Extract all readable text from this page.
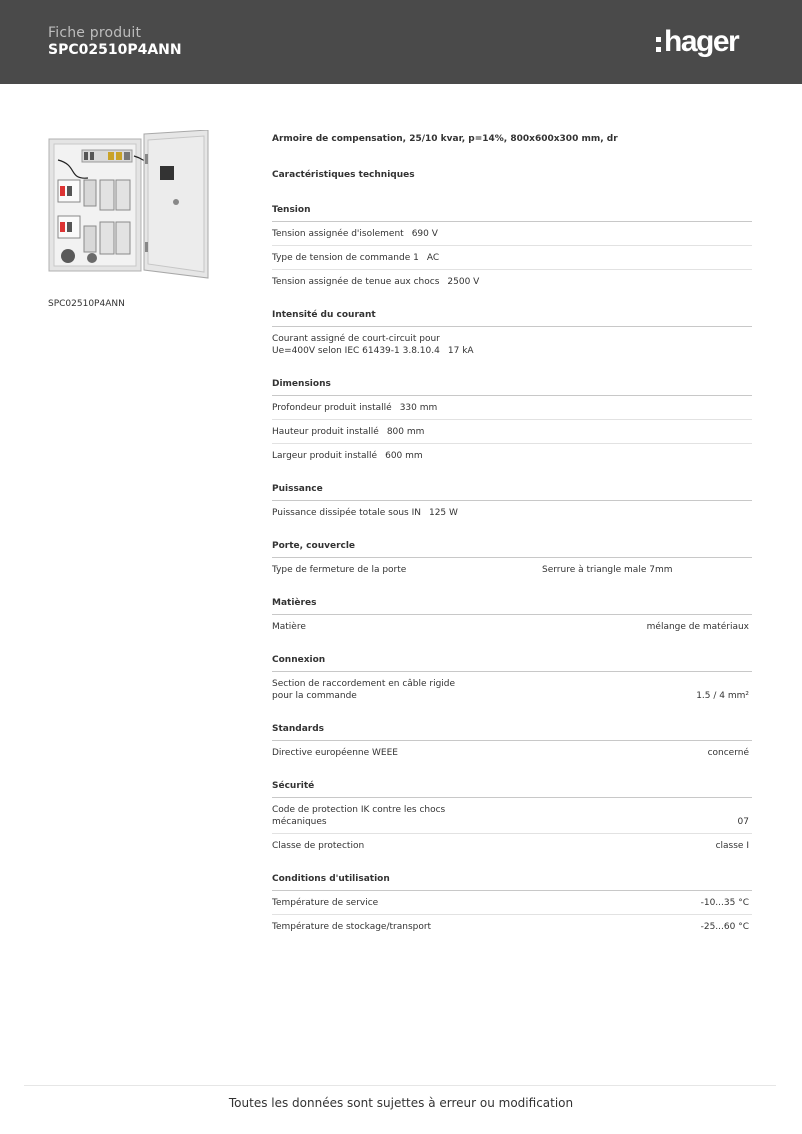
Fiche produit
SPC02510P4ANN	hager
SPC02510P4ANN

Armoire de compensation, 25/10 kvar, p=14%, 800x600x300 mm, dr

Caractéristiques techniques
Tension
Tension assignée d'isolement 690 V
Type de tension de commande 1 AC
Tension assignée de tenue aux chocs 2500 V
Intensité du courant
Courant assigné de court-circuit pour
Ue=400V selon IEC 61439-1 3.8.10.4 17 kA
Dimensions
Profondeur produit installé 330 mm
Hauteur produit installé 800 mm
Largeur produit installé 600 mm
Puissance
Puissance dissipée totale sous IN 125 W
Porte, couvercle
Type de fermeture de la porte	Serrure à triangle male 7mm
Matières
Matière	mélange de matériaux
Connexion
Section de raccordement en câble rigide
pour la commande	1.5 / 4 mm²
Standards
Directive européenne WEEE	concerné
Sécurité
Code de protection IK contre les chocs
mécaniques	07
Classe de protection	classe I
Conditions d'utilisation
Température de service	-10...35 °C
Température de stockage/transport	-25...60 °C
Toutes les données sont sujettes à erreur ou modification
